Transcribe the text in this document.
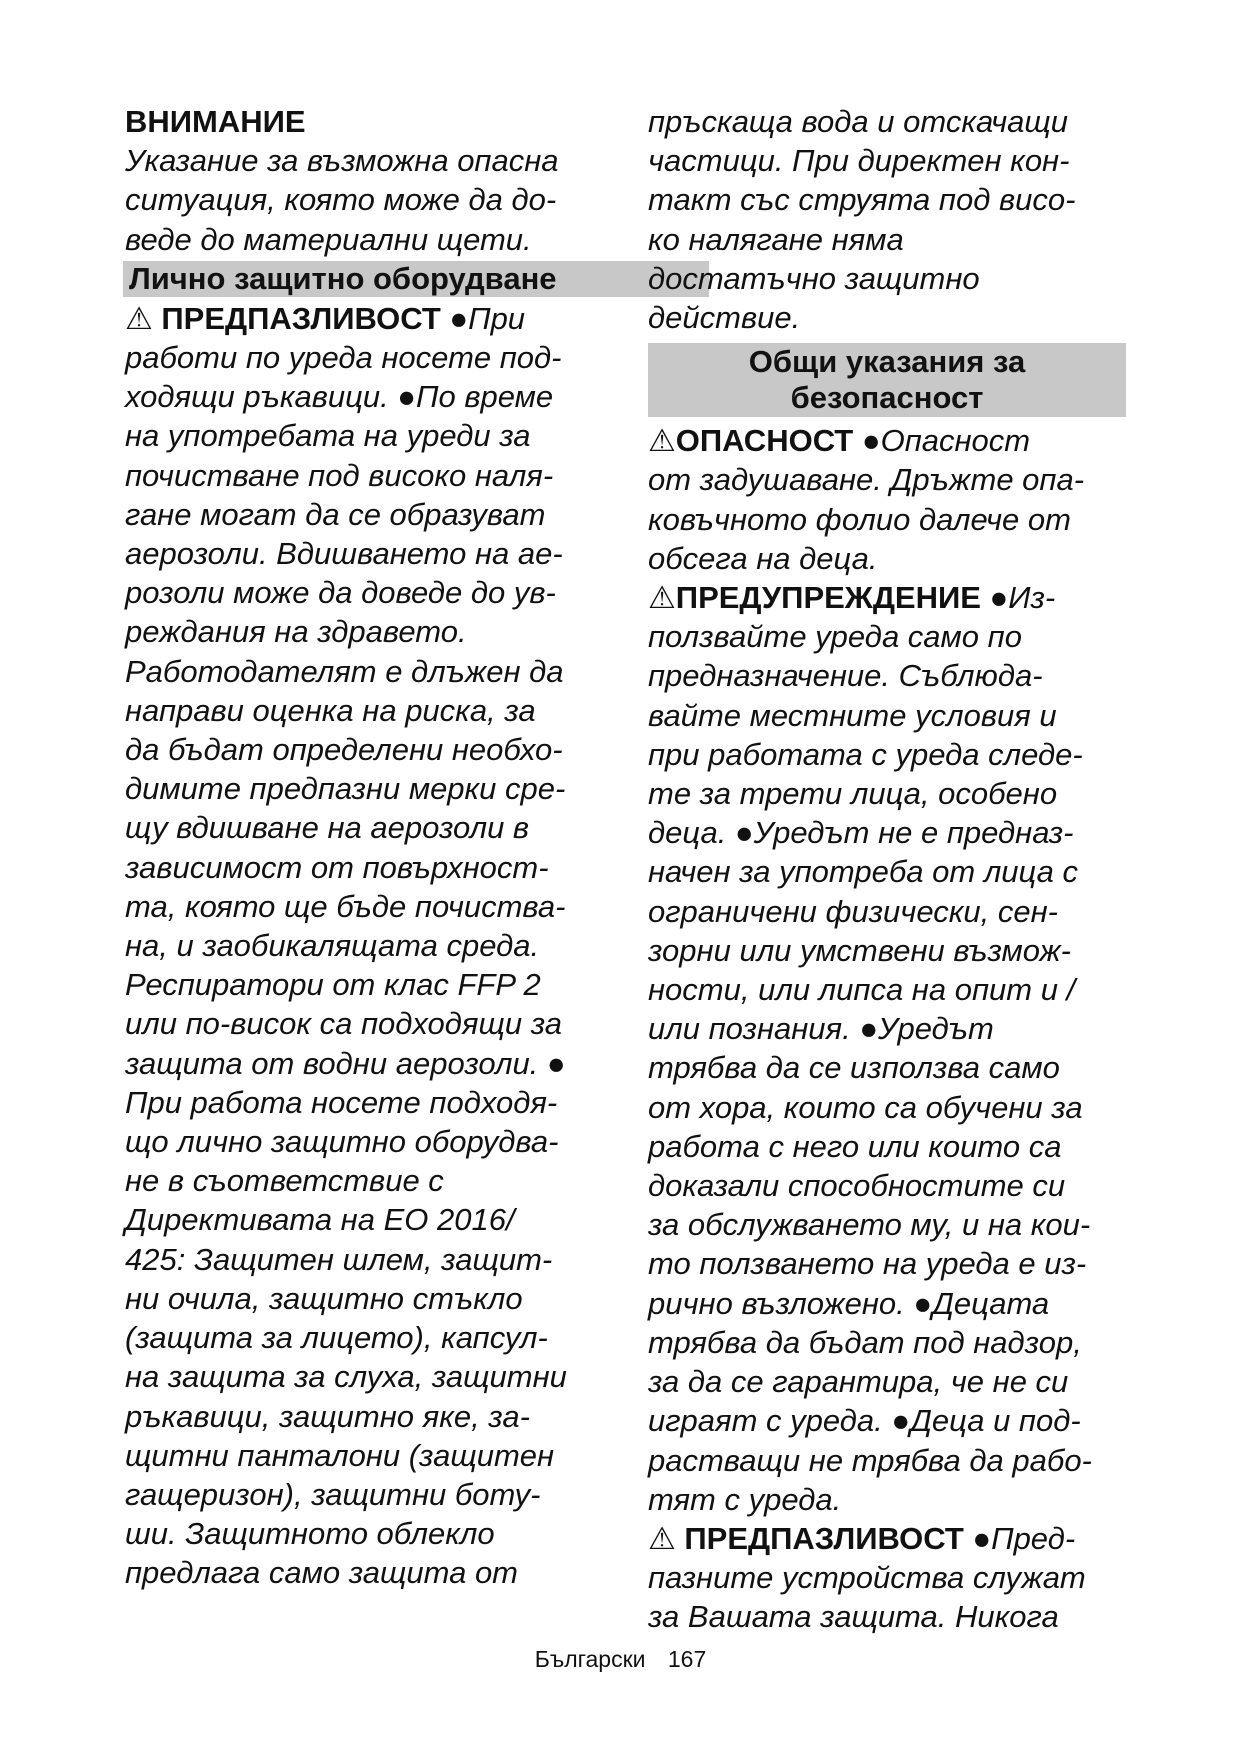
ВНИМАНИЕ
Указание за възможна опасна
ситуация, която може да до-
веде до материални щети.
Лично защитно оборудване
⚠ ПРЕДПАЗЛИВОСТ ●При
работи по уреда носете под-
ходящи ръкавици. ●По време
на употребата на уреди за
почистване под високо наля-
гане могат да се образуват
аерозоли. Вдишването на ае-
розоли може да доведе до ув-
реждания на здравето.
Работодателят е длъжен да
направи оценка на риска, за
да бъдат определени необхо-
димите предпазни мерки сре-
щу вдишване на аерозоли в
зависимост от повърхност-
та, която ще бъде почиства-
на, и заобикалящата среда.
Респиратори от клас FFP 2
или по-висок са подходящи за
защита от водни аерозоли. ●
При работа носете подходя-
що лично защитно оборудва-
не в съответствие с
Директивата на ЕО 2016/
425: Защитен шлем, защит-
ни очила, защитно стъкло
(защита за лицето), капсул-
на защита за слуха, защитни
ръкавици, защитно яке, за-
щитни панталони (защитен
гащеризон), защитни боту-
ши. Защитното облекло
предлага само защита от
пръскаща вода и отскачащи
частици. При директен кон-
такт със струята под висо-
ко налягане няма
достатъчно защитно
действие.
Общи указания за
безопасност
⚠ОПАСНОСТ ●Опасност
от задушаване. Дръжте опа-
ковъчното фолио далече от
обсега на деца.
⚠ПРЕДУПРЕЖДЕНИЕ ●Из-
ползвайте уреда само по
предназначение. Съблюда-
вайте местните условия и
при работата с уреда следе-
те за трети лица, особено
деца. ●Уредът не е предназ-
начен за употреба от лица с
ограничени физически, сен-
зорни или умствени възмож-
ности, или липса на опит и /
или познания. ●Уредът
трябва да се използва само
от хора, които са обучени за
работа с него или които са
доказали способностите си
за обслужването му, и на кои-
то ползването на уреда е из-
рично възложено. ●Децата
трябва да бъдат под надзор,
за да се гарантира, че не си
играят с уреда. ●Деца и под-
растващи не трябва да рабо-
тят с уреда.
⚠ ПРЕДПАЗЛИВОСТ ●Пред-
пазните устройства служат
за Вашата защита. Никога
Български 167
